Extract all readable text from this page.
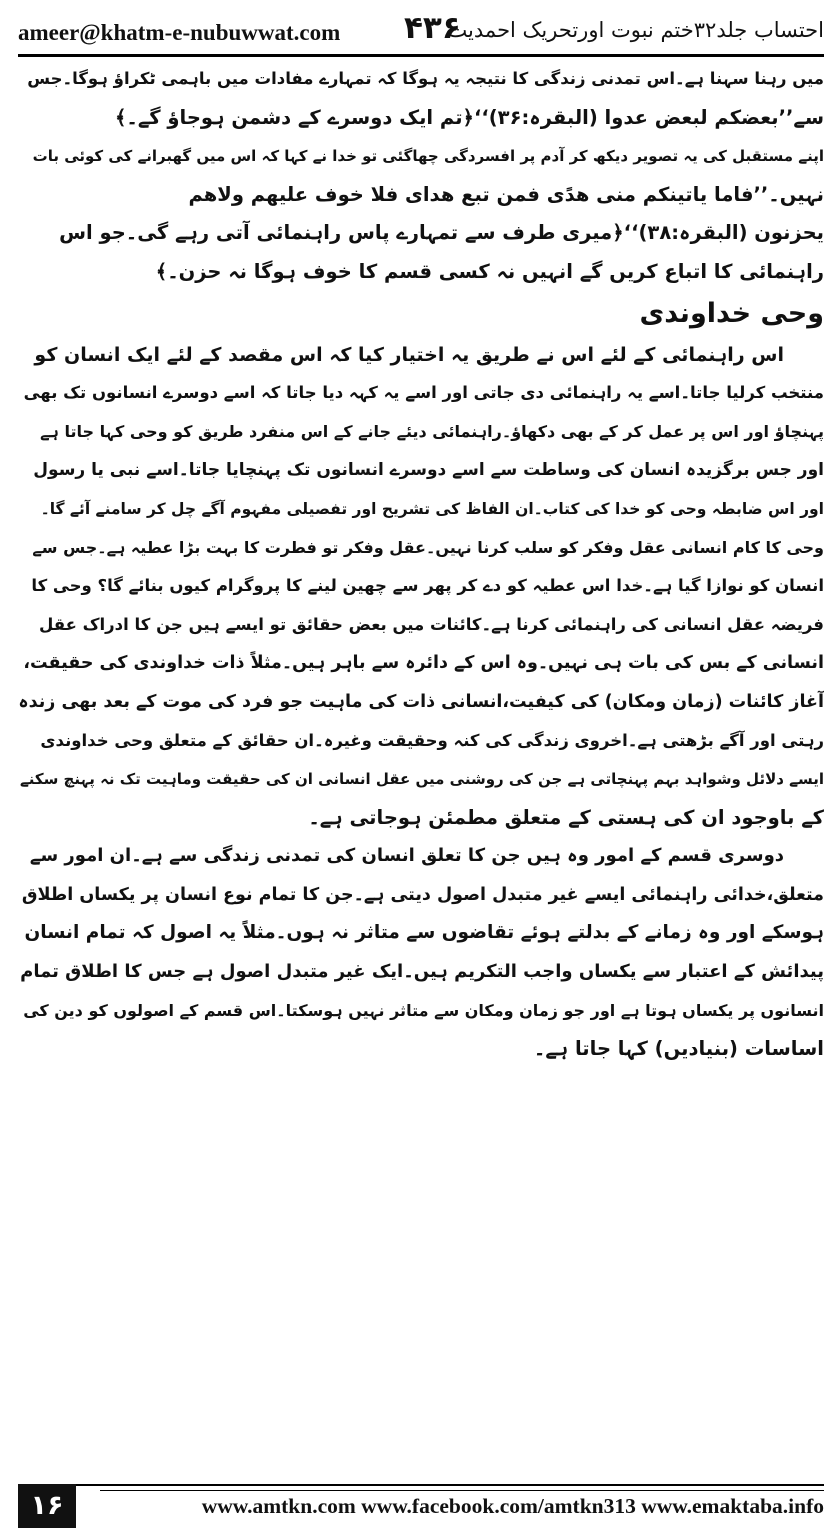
ameer@khatm-e-nubuwwat.com ۴۳۶
احتساب جلد۳۲ختم نبوت اورتحریک احمدیت
میں رہنا سہنا ہے۔اس تمدنی زندگی کا نتیجہ یہ ہوگا کہ تمہارے مفادات میں باہمی ٹکراؤ ہوگا۔جس
سے’’بعضکم لبعض عدوا (البقرہ:۳۶)‘‘﴿تم ایک دوسرے کے دشمن ہوجاؤ گے۔﴾
اپنے مستقبل کی یہ تصویر دیکھ کر آدم پر افسردگی چھاگئی تو خدا نے کہا کہ اس میں گھبرانے کی کوئی بات
نہیں۔’’فاما یاتینکم منی هدًی فمن تبع هدای فلا خوف علیهم ولاهم
یحزنون (البقرہ:۳۸)‘‘﴿میری طرف سے تمہارے پاس راہنمائی آتی رہے گی۔جو اس
راہنمائی کا اتباع کریں گے انہیں نہ کسی قسم کا خوف ہوگا نہ حزن۔﴾
وحی خداوندی
اس راہنمائی کے لئے اس نے طریق یہ اختیار کیا کہ اس مقصد کے لئے ایک انسان کو
منتخب کرلیا جاتا۔اسے یہ راہنمائی دی جاتی اور اسے یہ کہہ دیا جاتا کہ اسے دوسرے انسانوں تک بھی
پہنچاؤ اور اس پر عمل کر کے بھی دکھاؤ۔راہنمائی دیئے جانے کے اس منفرد طریق کو وحی کہا جاتا ہے
اور جس برگزیدہ انسان کی وساطت سے اسے دوسرے انسانوں تک پہنچایا جاتا۔اسے نبی یا رسول
اور اس ضابطہ وحی کو خدا کی کتاب۔ان الفاظ کی تشریح اور تفصیلی مفہوم آگے چل کر سامنے آئے گا۔
وحی کا کام انسانی عقل وفکر کو سلب کرنا نہیں۔عقل وفکر تو فطرت کا بہت بڑا عطیہ ہے۔جس سے
انسان کو نوازا گیا ہے۔خدا اس عطیہ کو دے کر پھر سے چھین لینے کا پروگرام کیوں بنائے گا؟ وحی کا
فریضہ عقل انسانی کی راہنمائی کرنا ہے۔کائنات میں بعض حقائق تو ایسے ہیں جن کا ادراک عقل
انسانی کے بس کی بات ہی نہیں۔وہ اس کے دائرہ سے باہر ہیں۔مثلاً ذات خداوندی کی حقیقت،
آغاز کائنات (زمان ومکان) کی کیفیت،انسانی ذات کی ماہیت جو فرد کی موت کے بعد بھی زندہ
رہتی اور آگے بڑھتی ہے۔اخروی زندگی کی کنہ وحقیقت وغیرہ۔ان حقائق کے متعلق وحی خداوندی
ایسے دلائل وشواہد بہم پہنچاتی ہے جن کی روشنی میں عقل انسانی ان کی حقیقت وماہیت تک نہ پہنچ سکنے
کے باوجود ان کی ہستی کے متعلق مطمئن ہوجاتی ہے۔
دوسری قسم کے امور وہ ہیں جن کا تعلق انسان کی تمدنی زندگی سے ہے۔ان امور سے
متعلق،خدائی راہنمائی ایسے غیر متبدل اصول دیتی ہے۔جن کا تمام نوع انسان پر یکساں اطلاق
ہوسکے اور وہ زمانے کے بدلتے ہوئے تقاضوں سے متاثر نہ ہوں۔مثلاً یہ اصول کہ تمام انسان
پیدائش کے اعتبار سے یکساں واجب التکریم ہیں۔ایک غیر متبدل اصول ہے جس کا اطلاق تمام
انسانوں پر یکساں ہوتا ہے اور جو زمان ومکان سے متاثر نہیں ہوسکتا۔اس قسم کے اصولوں کو دین کی
اساسات (بنیادیں) کہا جاتا ہے۔
۱۶	www.amtkn.com www.facebook.com/amtkn313 www.emaktaba.info
